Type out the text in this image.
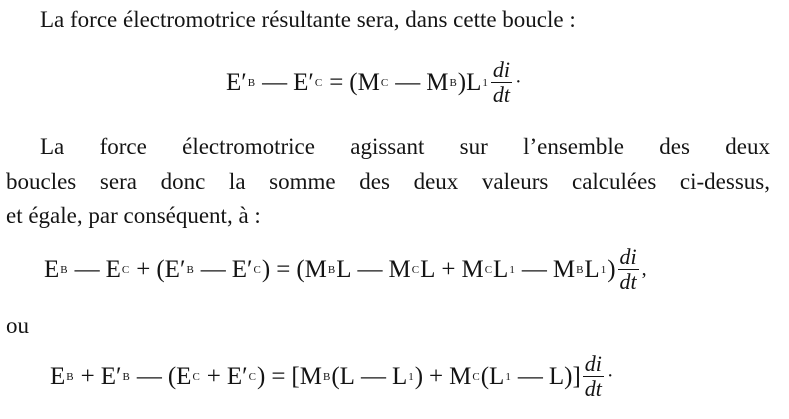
La force électromotrice résultante sera, dans cette boucle :
E′ B — E′ C = (M C — M B )L $1 \frac{di}{dt}$ ·
La force électromotrice agissant sur l’ensemble des deux
boucles sera donc la somme des deux valeurs calculées ci-dessus,
et égale, par conséquent, à :
E B — E C + (E′ B — E′ C ) = (M B L — M C L + M C L 1 — M B L 1 ) $\frac{di}{dt}$ ,
ou
E B + E′ B — (E C + E′ C ) = [M B (L — L 1 ) + M C (L 1 — $L)] \frac{di}{dt}$ ·
